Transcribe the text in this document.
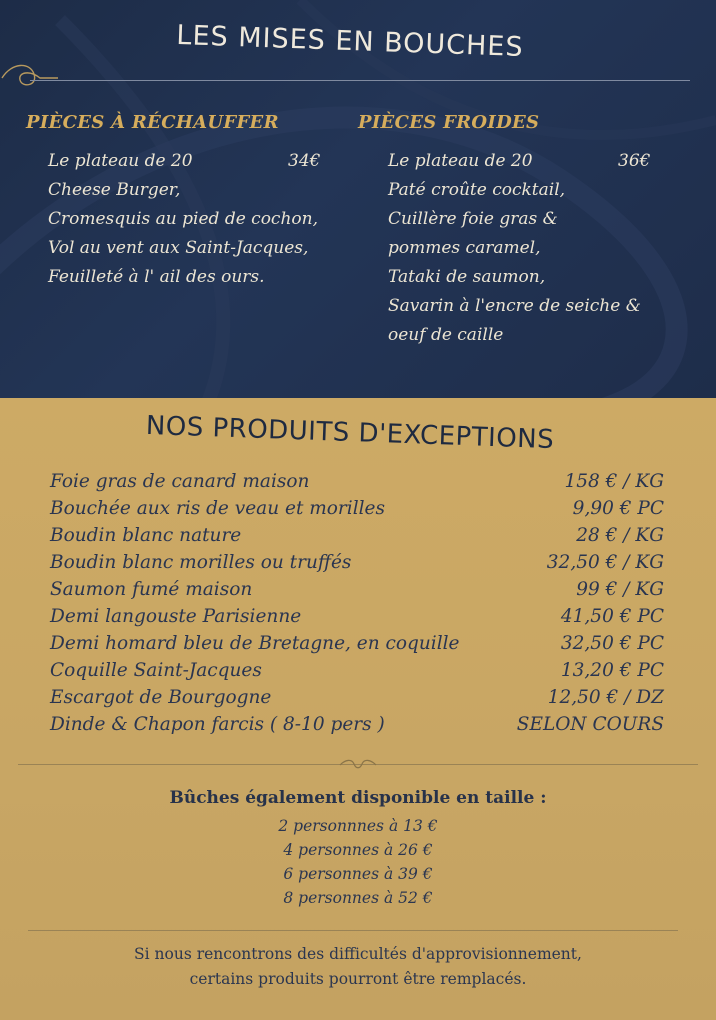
LES MISES EN BOUCHES
PIÈCES À RÉCHAUFFER
Le plateau de 20	34€
Cheese Burger,
Cromesquis au pied de cochon,
Vol au vent aux Saint-Jacques,
Feuilleté à l' ail des ours.
PIÈCES FROIDES
Le plateau de 20	36€
Paté croûte cocktail,
Cuillère foie gras &
pommes caramel,
Tataki de saumon,
Savarin à l'encre de seiche &
oeuf de caille
NOS PRODUITS D'EXCEPTIONS
Foie gras de canard maison	158 € / KG
Bouchée aux ris de veau et morilles	9,90 € PC
Boudin blanc nature	28 € / KG
Boudin blanc morilles ou truffés	32,50 € / KG
Saumon fumé maison	99 € / KG
Demi langouste Parisienne	41,50 € PC
Demi homard bleu de Bretagne, en coquille	32,50 € PC
Coquille Saint-Jacques	13,20 € PC
Escargot de Bourgogne	12,50 € / DZ
Dinde & Chapon farcis ( 8-10 pers )	SELON COURS
Bûches également disponible en taille :
2 personnnes à 13 €
4 personnes à 26 €
6 personnes à 39 €
8 personnes à 52 €
Si nous rencontrons des difficultés d'approvisionnement,
certains produits pourront être remplacés.
